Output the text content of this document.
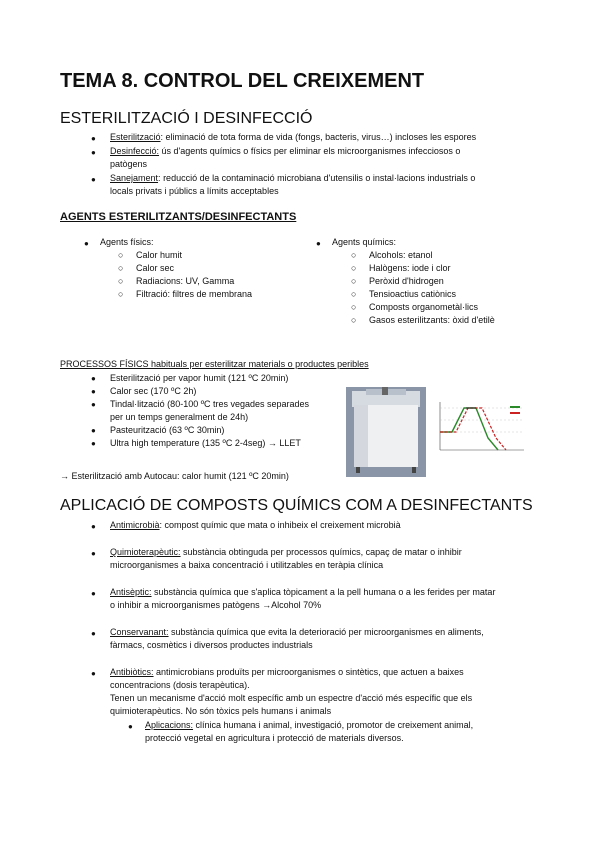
TEMA 8. CONTROL DEL CREIXEMENT
ESTERILITZACIÓ I DESINFECCIÓ
● Esterilització: eliminació de tota forma de vida (fongs, bacteris, virus…) incloses les espores
● Desinfecció: ús d'agents químics o físics per eliminar els microorganismes infecciosos o
patògens
● Sanejament: reducció de la contaminació microbiana d'utensilis o instal·lacions industrials o
locals privats i públics a límits acceptables
AGENTS ESTERILITZANTS/DESINFECTANTS
● Agents físics:
○ Calor humit
○ Calor sec
○ Radiacions: UV, Gamma
○ Filtració: filtres de membrana
● Agents químics:
○ Alcohols: etanol
○ Halògens: iode i clor
○ Peròxid d'hidrogen
○ Tensioactius catiònics
○ Composts organometàl·lics
○ Gasos esterilitzants: òxid d'etilè
PROCESSOS FÍSICS habituals per esterilitzar materials o productes peribles
● Esterilització per vapor humit (121 ºC 20min)
● Calor sec (170 ºC 2h)
● Tindal·lització (80-100 ºC tres vegades separades
per un temps generalment de 24h)
● Pasteurització (63 ºC 30min)
● Ultra high temperature (135 ºC 2-4seg) → LLET
→ Esterilització amb Autocau: calor humit (121 ºC 20min)
APLICACIÓ DE COMPOSTS QUÍMICS COM A DESINFECTANTS
● Antimicrobià: compost químic que mata o inhibeix el creixement microbià
● Quimioterapèutic: substància obtinguda per processos químics, capaç de matar o inhibir
microorganismes a baixa concentració i utilitzables en teràpia clínica
● Antisèptic: substància química que s'aplica tòpicament a la pell humana o a les ferides per matar
o inhibir a microorganismes patògens →Alcohol 70%
● Conservanant: substància química que evita la deterioració per microorganismes en aliments,
fàrmacs, cosmètics i diversos productes industrials
● Antibiòtics: antimicrobians produïts per microorganismes o sintètics, que actuen a baixes
concentracions (dosis terapèutica).
Tenen un mecanisme d'acció molt específic amb un espectre d'acció més específic que els
quimioterapèutics. No són tòxics pels humans i animals
● Aplicacions: clínica humana i animal, investigació, promotor de creixement animal,
protecció vegetal en agricultura i protecció de materials diversos.
